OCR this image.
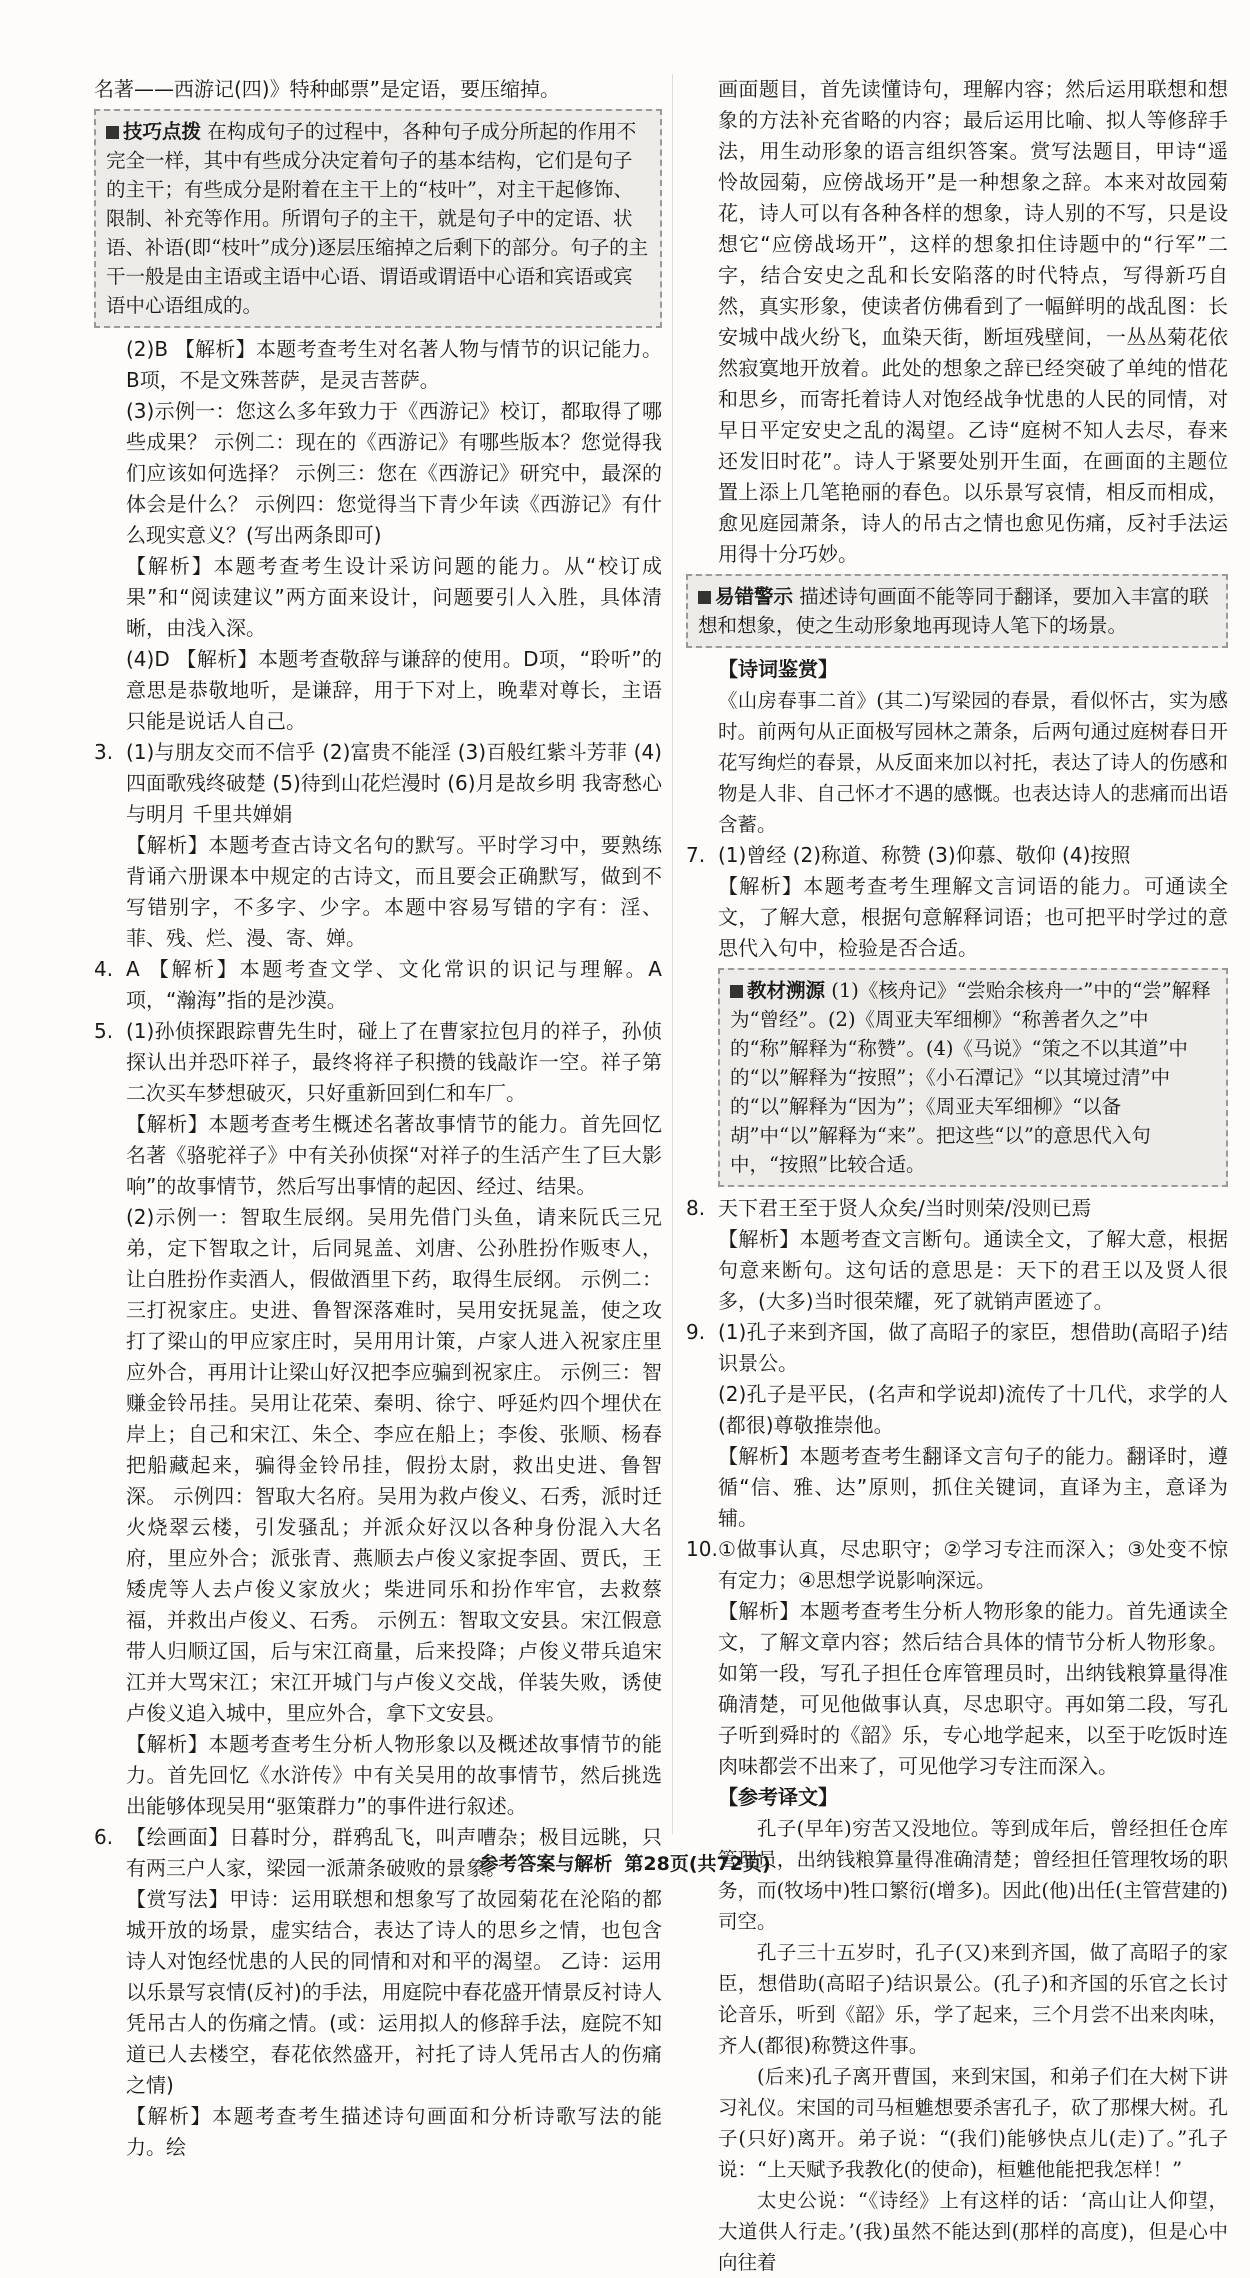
名著——西游记(四)》特种邮票”是定语，要压缩掉。

技巧点拨 在构成句子的过程中，各种句子成分所起的作用不完全一样，其中有些成分决定着句子的基本结构，它们是句子的主干；有些成分是附着在主干上的“枝叶”，对主干起修饰、限制、补充等作用。所谓句子的主干，就是句子中的定语、状语、补语(即“枝叶”成分)逐层压缩掉之后剩下的部分。句子的主干一般是由主语或主语中心语、谓语或谓语中心语和宾语或宾语中心语组成的。

(2)B 【解析】本题考查考生对名著人物与情节的识记能力。B项，不是文殊菩萨，是灵吉菩萨。

(3)示例一：您这么多年致力于《西游记》校订，都取得了哪些成果？ 示例二：现在的《西游记》有哪些版本？您觉得我们应该如何选择？ 示例三：您在《西游记》研究中，最深的体会是什么？ 示例四：您觉得当下青少年读《西游记》有什么现实意义？(写出两条即可)

【解析】本题考查考生设计采访问题的能力。从“校订成果”和“阅读建议”两方面来设计，问题要引人入胜，具体清晰，由浅入深。

(4)D 【解析】本题考查敬辞与谦辞的使用。D项，“聆听”的意思是恭敬地听，是谦辞，用于下对上，晚辈对尊长，主语只能是说话人自己。

3. (1)与朋友交而不信乎 (2)富贵不能淫 (3)百般红紫斗芳菲 (4)四面歌残终破楚 (5)待到山花烂漫时 (6)月是故乡明 我寄愁心与明月 千里共婵娟

【解析】本题考查古诗文名句的默写。平时学习中，要熟练背诵六册课本中规定的古诗文，而且要会正确默写，做到不写错别字，不多字、少字。本题中容易写错的字有：淫、菲、残、烂、漫、寄、婵。

4. A 【解析】本题考查文学、文化常识的识记与理解。A项，“瀚海”指的是沙漠。

5. (1)孙侦探跟踪曹先生时，碰上了在曹家拉包月的祥子，孙侦探认出并恐吓祥子，最终将祥子积攒的钱敲诈一空。祥子第二次买车梦想破灭，只好重新回到仁和车厂。

【解析】本题考查考生概述名著故事情节的能力。首先回忆名著《骆驼祥子》中有关孙侦探“对祥子的生活产生了巨大影响”的故事情节，然后写出事情的起因、经过、结果。

(2)示例一：智取生辰纲。吴用先借门头鱼，请来阮氏三兄弟，定下智取之计，后同晁盖、刘唐、公孙胜扮作贩枣人，让白胜扮作卖酒人，假做酒里下药，取得生辰纲。 示例二：三打祝家庄。史进、鲁智深落难时，吴用安抚晁盖，使之攻打了梁山的甲应家庄时，吴用用计策，卢家人进入祝家庄里应外合，再用计让梁山好汉把李应骗到祝家庄。 示例三：智赚金铃吊挂。吴用让花荣、秦明、徐宁、呼延灼四个埋伏在岸上；自己和宋江、朱仝、李应在船上；李俊、张顺、杨春把船藏起来，骗得金铃吊挂，假扮太尉，救出史进、鲁智深。 示例四：智取大名府。吴用为救卢俊义、石秀，派时迁火烧翠云楼，引发骚乱；并派众好汉以各种身份混入大名府，里应外合；派张青、燕顺去卢俊义家捉李固、贾氏，王矮虎等人去卢俊义家放火；柴进同乐和扮作牢官，去救蔡福，并救出卢俊义、石秀。 示例五：智取文安县。宋江假意带人归顺辽国，后与宋江商量，后来投降；卢俊义带兵追宋江并大骂宋江；宋江开城门与卢俊义交战，佯装失败，诱使卢俊义追入城中，里应外合，拿下文安县。

【解析】本题考查考生分析人物形象以及概述故事情节的能力。首先回忆《水浒传》中有关吴用的故事情节，然后挑选出能够体现吴用“驱策群力”的事件进行叙述。

6. 【绘画面】日暮时分，群鸦乱飞，叫声嘈杂；极目远眺，只有两三户人家，梁园一派萧条破败的景象。

【赏写法】甲诗：运用联想和想象写了故园菊花在沦陷的都城开放的场景，虚实结合，表达了诗人的思乡之情，也包含诗人对饱经忧患的人民的同情和对和平的渴望。 乙诗：运用以乐景写哀情(反衬)的手法，用庭院中春花盛开情景反衬诗人凭吊古人的伤痛之情。(或：运用拟人的修辞手法，庭院不知道已人去楼空，春花依然盛开，衬托了诗人凭吊古人的伤痛之情)

【解析】本题考查考生描述诗句画面和分析诗歌写法的能力。绘

画面题目，首先读懂诗句，理解内容；然后运用联想和想象的方法补充省略的内容；最后运用比喻、拟人等修辞手法，用生动形象的语言组织答案。赏写法题目，甲诗“遥怜故园菊，应傍战场开”是一种想象之辞。本来对故园菊花，诗人可以有各种各样的想象，诗人别的不写，只是设想它“应傍战场开”，这样的想象扣住诗题中的“行军”二字，结合安史之乱和长安陷落的时代特点，写得新巧自然，真实形象，使读者仿佛看到了一幅鲜明的战乱图：长安城中战火纷飞，血染天街，断垣残壁间，一丛丛菊花依然寂寞地开放着。此处的想象之辞已经突破了单纯的惜花和思乡，而寄托着诗人对饱经战争忧患的人民的同情，对早日平定安史之乱的渴望。乙诗“庭树不知人去尽，春来还发旧时花”。诗人于紧要处别开生面，在画面的主题位置上添上几笔艳丽的春色。以乐景写哀情，相反而相成，愈见庭园萧条，诗人的吊古之情也愈见伤痛，反衬手法运用得十分巧妙。

易错警示 描述诗句画面不能等同于翻译，要加入丰富的联想和想象，使之生动形象地再现诗人笔下的场景。

【诗词鉴赏】

《山房春事二首》(其二)写梁园的春景，看似怀古，实为感时。前两句从正面极写园林之萧条，后两句通过庭树春日开花写绚烂的春景，从反面来加以衬托，表达了诗人的伤感和物是人非、自己怀才不遇的感慨。也表达诗人的悲痛而出语含蓄。

7. (1)曾经 (2)称道、称赞 (3)仰慕、敬仰 (4)按照

【解析】本题考查考生理解文言词语的能力。可通读全文，了解大意，根据句意解释词语；也可把平时学过的意思代入句中，检验是否合适。

教材溯源 (1)《核舟记》“尝贻余核舟一”中的“尝”解释为“曾经”。(2)《周亚夫军细柳》“称善者久之”中的“称”解释为“称赞”。(4)《马说》“策之不以其道”中的“以”解释为“按照”；《小石潭记》“以其境过清”中的“以”解释为“因为”；《周亚夫军细柳》“以备胡”中“以”解释为“来”。把这些“以”的意思代入句中，“按照”比较合适。
8. 天下君王至于贤人众矣/当时则荣/没则已焉

【解析】本题考查文言断句。通读全文，了解大意，根据句意来断句。这句话的意思是：天下的君王以及贤人很多，(大多)当时很荣耀，死了就销声匿迹了。

9. (1)孔子来到齐国，做了高昭子的家臣，想借助(高昭子)结识景公。

(2)孔子是平民，(名声和学说却)流传了十几代，求学的人(都很)尊敬推崇他。

【解析】本题考查考生翻译文言句子的能力。翻译时，遵循“信、雅、达”原则，抓住关键词，直译为主，意译为辅。

10. ①做事认真，尽忠职守；②学习专注而深入；③处变不惊有定力；④思想学说影响深远。

【解析】本题考查考生分析人物形象的能力。首先通读全文，了解文章内容；然后结合具体的情节分析人物形象。如第一段，写孔子担任仓库管理员时，出纳钱粮算量得准确清楚，可见他做事认真，尽忠职守。再如第二段，写孔子听到舜时的《韶》乐，专心地学起来，以至于吃饭时连肉味都尝不出来了，可见他学习专注而深入。

【参考译文】

孔子(早年)穷苦又没地位。等到成年后，曾经担任仓库管理员，出纳钱粮算量得准确清楚；曾经担任管理牧场的职务，而(牧场中)牲口繁衍(增多)。因此(他)出任(主管营建的)司空。

孔子三十五岁时，孔子(又)来到齐国，做了高昭子的家臣，想借助(高昭子)结识景公。(孔子)和齐国的乐官之长讨论音乐，听到《韶》乐，学了起来，三个月尝不出来肉味，齐人(都很)称赞这件事。

(后来)孔子离开曹国，来到宋国，和弟子们在大树下讲习礼仪。宋国的司马桓魋想要杀害孔子，砍了那棵大树。孔子(只好)离开。弟子说：“(我们)能够快点儿(走)了。”孔子说：“上天赋予我教化(的使命)，桓魋他能把我怎样！”

太史公说：“《诗经》上有这样的话：‘高山让人仰望，大道供人行走。’(我)虽然不能达到(那样的高度)，但是心中向往着

参考答案与解析 第28页(共72页)
